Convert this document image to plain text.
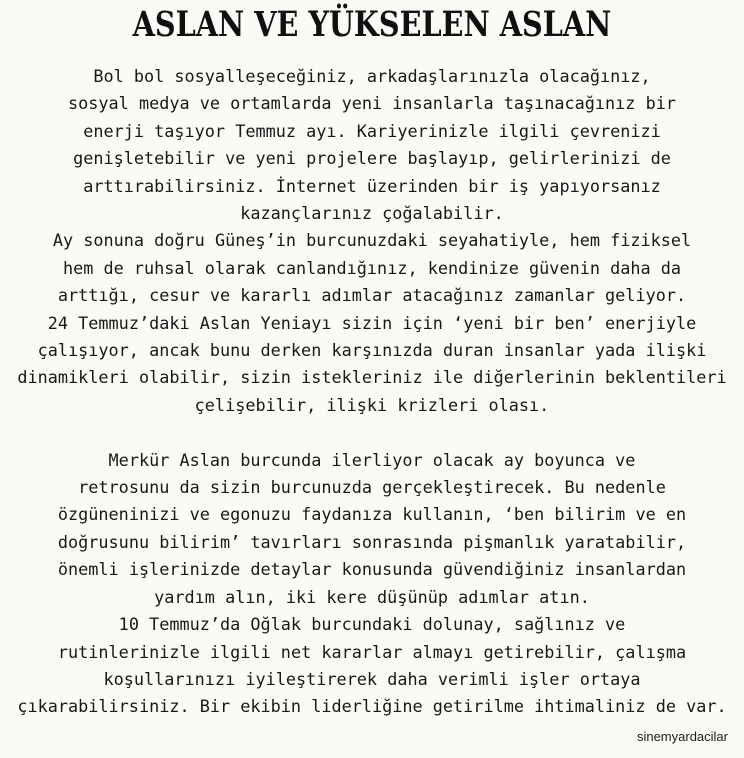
ASLAN VE YÜKSELEN ASLAN
Bol bol sosyalleşeceğiniz, arkadaşlarınızla olacağınız,
sosyal medya ve ortamlarda yeni insanlarla taşınacağınız bir
enerji taşıyor Temmuz ayı. Kariyerinizle ilgili çevrenizi
genişletebilir ve yeni projelere başlayıp, gelirlerinizi de
arttırabilirsiniz. İnternet üzerinden bir iş yapıyorsanız
kazançlarınız çoğalabilir.
Ay sonuna doğru Güneş’in burcunuzdaki seyahatiyle, hem fiziksel
hem de ruhsal olarak canlandığınız, kendinize güvenin daha da
arttığı, cesur ve kararlı adımlar atacağınız zamanlar geliyor.
24 Temmuz’daki Aslan Yeniayı sizin için ‘yeni bir ben’ enerjiyle
çalışıyor, ancak bunu derken karşınızda duran insanlar yada ilişki
dinamikleri olabilir, sizin istekleriniz ile diğerlerinin beklentileri
çelişebilir, ilişki krizleri olası.
Merkür Aslan burcunda ilerliyor olacak ay boyunca ve
retrosunu da sizin burcunuzda gerçekleştirecek. Bu nedenle
özgüneninizi ve egonuzu faydanıza kullanın, ‘ben bilirim ve en
doğrusunu bilirim’ tavırları sonrasında pişmanlık yaratabilir,
önemli işlerinizde detaylar konusunda güvendiğiniz insanlardan
yardım alın, iki kere düşünüp adımlar atın.
10 Temmuz’da Oğlak burcundaki dolunay, sağlınız ve
rutinlerinizle ilgili net kararlar almayı getirebilir, çalışma
koşullarınızı iyileştirerek daha verimli işler ortaya
çıkarabilirsiniz. Bir ekibin liderliğine getirilme ihtimaliniz de var.
sinemyardacilar
